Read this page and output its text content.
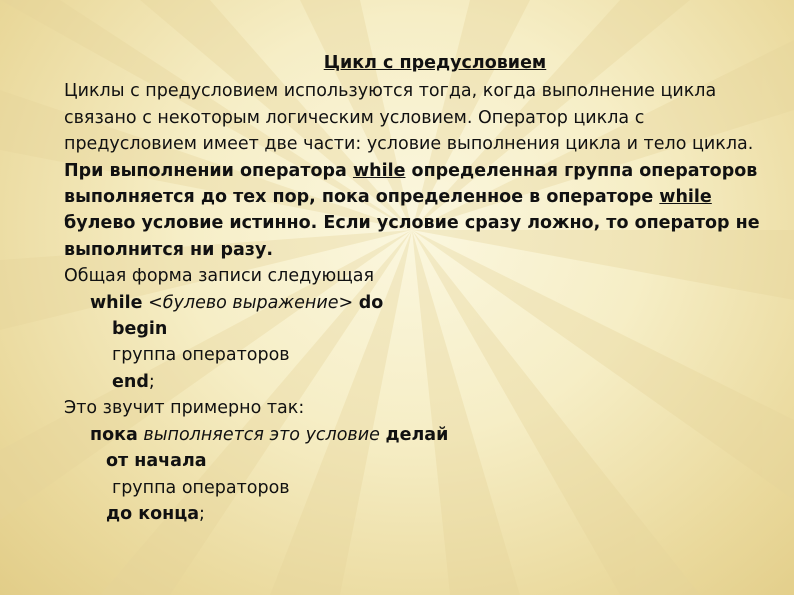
Цикл с предусловием

Циклы с предусловием используются тогда, когда выполнение цикла связано с некоторым логическим условием. Оператор цикла с предусловием имеет две части: условие выполнения цикла и тело цикла.

При выполнении оператора while определенная группа операторов выполняется до тех пор, пока определенное в операторе while булево условие истинно. Если условие сразу ложно, то оператор не выполнится ни разу.

Общая форма записи следующая

while <булево выражение> do

begin

группа операторов

end;

Это звучит примерно так:

пока выполняется это условие делай

от начала

группа операторов

до конца;
